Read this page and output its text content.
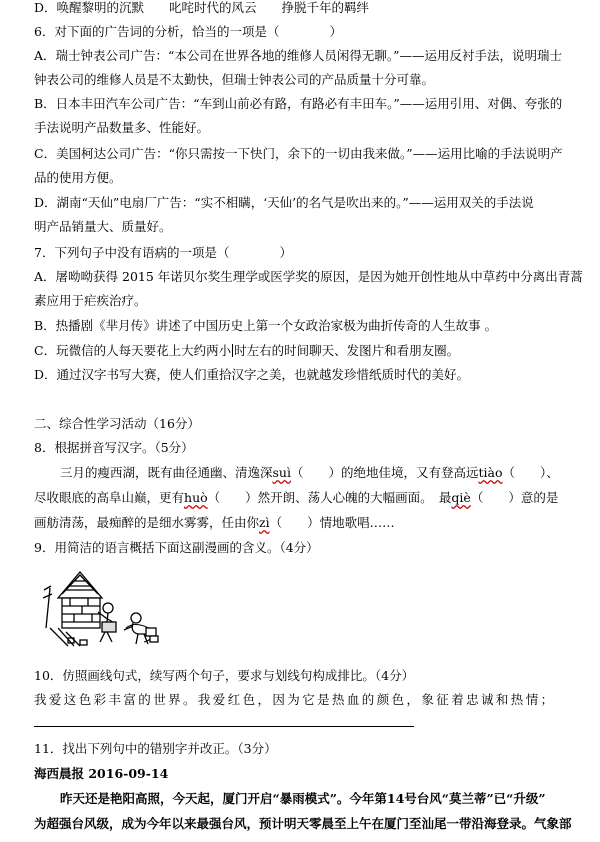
D．唤醒黎明的沉默　　叱咤时代的风云　　挣脱千年的羁绊
6．对下面的广告词的分析，恰当的一项是（　　　　）
A．瑞士钟表公司广告：“本公司在世界各地的维修人员闲得无聊。”——运用反衬手法，说明瑞士
钟表公司的维修人员是不太勤快，但瑞士钟表公司的产品质量十分可靠。
B．日本丰田汽车公司广告：“车到山前必有路，有路必有丰田车。”——运用引用、对偶、夸张的
手法说明产品数量多、性能好。
C．美国柯达公司广告：“你只需按一下快门，余下的一切由我来做。”——运用比喻的手法说明产
品的使用方便。
D．湖南“天仙”电扇厂广告：“实不相瞒，‘天仙’的名气是吹出来的。”——运用双关的手法说
明产品销量大、质量好。
7．下列句子中没有语病的一项是（　　　　）
A．屠呦呦获得 2015 年诺贝尔奖生理学或医学奖的原因，是因为她开创性地从中草药中分离出青蒿
素应用于疟疾治疗。
B．热播剧《芈月传》讲述了中国历史上第一个女政治家极为曲折传奇的人生故事 。
C．玩微信的人每天要花上大约两小 时左右的时间聊天、发图片和看朋友圈。
D．通过汉字书写大赛，使人们重拾汉字之美，也就越发珍惜纸质时代的美好。
二、综合性学习活动（16分）
8．根据拼音写汉字。（5分）
三月的瘦西湖，既有曲径通幽、清逸深suì（　　）的绝地佳境，又有登高远tiào（　　）、
尽收眼底的高阜山巅，更有huò（　　）然开朗、荡人心魄的大幅画面。　最qiè（　　）意的是
画舫清荡，最痴醉的是细水雾雾，任由你zì（　　）情地歌唱……
9．用简洁的语言概括下面这副漫画的含义。（4分）
10．仿照画线句式，续写两个句子，要求与划线句构成排比。（4分）
我爱这色彩丰富的世界。我爱红色，因为它是热血的颜色，象征着忠诚和热情；
11．找出下列句中的错别字并改正。（3分）
海西晨报 2016-09-14
昨天还是艳阳高照，今天起，厦门开启“暴雨模式”。今年第14号台风“莫兰蒂”已“升级”
为超强台风级，成为今年以来最强台风，预计明天零晨至上午在厦门至汕尾一带沿海登录。气象部
